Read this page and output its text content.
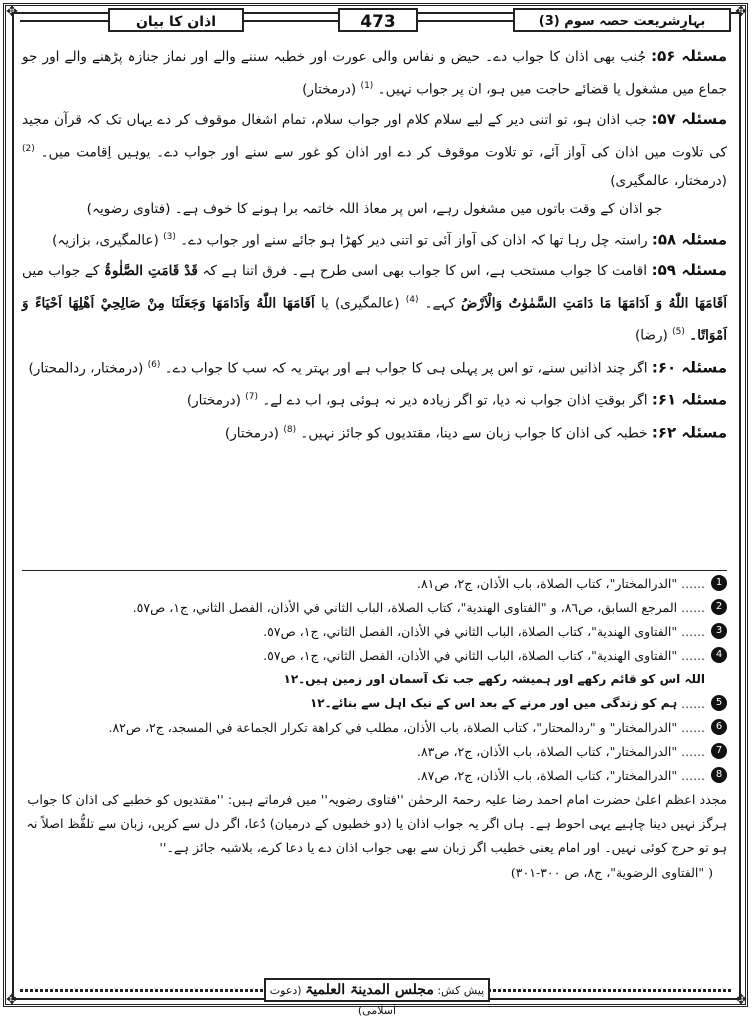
✥	✥
✥	✥
اذان کا بیان	473	بہارِشریعت حصہ سوم (3)

مسئلہ ۵۶: جُنب بھی اذان کا جواب دے۔ حیض و نفاس والی عورت اور خطبہ سننے والے اور نماز جنازہ پڑھنے والے اور جو جماع میں مشغول یا قضائے حاجت میں ہو، ان پر جواب نہیں۔ $^{(1)}$ (درمختار)

مسئلہ ۵۷: جب اذان ہو، تو اتنی دیر کے لیے سلام کلام اور جواب سلام، تمام اشغال موقوف کر دے یہاں تک کہ قرآن مجید کی تلاوت میں اذان کی آواز آئے، تو تلاوت موقوف کر دے اور اذان کو غور سے سنے اور جواب دے۔ یوہیں اِقامت میں۔ $^{(2)}$ (درمختار، عالمگیری)

جو اذان کے وقت باتوں میں مشغول رہے، اس پر معاذ اللہ خاتمہ برا ہونے کا خوف ہے۔ (فتاوی رضویہ)

مسئلہ ۵۸: راستہ چل رہا تھا کہ اذان کی آواز آئی تو اتنی دیر کھڑا ہو جائے سنے اور جواب دے۔ $^{(3)}$ (عالمگیری، بزازیہ)

مسئلہ ۵۹: اقامت کا جواب مستحب ہے، اس کا جواب بھی اسی طرح ہے۔ فرق اتنا ہے کہ قَدْ قَامَتِ الصَّلٰوۃُ کے جواب میں اَقَامَهَا اللّٰهُ وَ اَدَامَهَا مَا دَامَتِ السَّمٰوٰتُ وَالْاَرْضُ کہے۔ $^{(4)}$ (عالمگیری) یا اَقَامَهَا اللّٰهُ وَاَدَامَهَا وَجَعَلَنَا مِنْ صَالِحِيْ اَهْلِهَا اَحْيَاءً وَ اَمْوَاتًا۔ $^{(5)}$ (رضا)

مسئلہ ۶۰: اگر چند اذانیں سنے، تو اس پر پہلی ہی کا جواب ہے اور بہتر یہ کہ سب کا جواب دے۔ $^{(6)}$ (درمختار، ردالمحتار)

مسئلہ ۶۱: اگر بوقتِ اذان جواب نہ دیا، تو اگر زیادہ دیر نہ ہوئی ہو، اب دے لے۔ $^{(7)}$ (درمختار)

مسئلہ ۶۲: خطبہ کی اذان کا جواب زبان سے دینا، مقتدیوں کو جائز نہیں۔ $^{(8)}$ (درمختار)

1
......
"الدرالمختار"، كتاب الصلاة، باب الأذان، ج٢، ص٨١.
2
......
المرجع السابق، ص٨٦، و "الفتاوى الهندية"، كتاب الصلاة، الباب الثاني في الأذان، الفصل الثاني، ج١، ص٥٧.
3
......
"الفتاوى الهندية"، كتاب الصلاة، الباب الثاني في الأذان، الفصل الثاني، ج١، ص٥٧.
4
......
"الفتاوى الهندية"، كتاب الصلاة، الباب الثاني في الأذان، الفصل الثاني، ج١، ص٥٧.
اللہ اس کو قائم رکھے اور ہمیشہ رکھے جب تک آسمان اور زمین ہیں۔۱۲
5
......
ہم کو زندگی میں اور مرنے کے بعد اس کے نیک اہل سے بنائے۔۱۲
6
......
"الدرالمختار" و "ردالمحتار"، كتاب الصلاة، باب الأذان، مطلب في كراهة تكرار الجماعة في المسجد، ج٢، ص٨٢.
7
......
"الدرالمختار"، كتاب الصلاة، باب الأذان، ج٢، ص٨٣.
8
......
"الدرالمختار"، كتاب الصلاة، باب الأذان، ج٢، ص٨٧.

مجدد اعظم اعلیٰ حضرت امام احمد رضا علیہ رحمۃ الرحمٰن ''فتاوی رضویہ'' میں فرماتے ہیں: ''مقتدیوں کو خطبے کی اذان کا جواب ہرگز نہیں دینا چاہیے یہی احوط ہے۔ ہاں اگر یہ جواب اذان یا (دو خطبوں کے درمیان) دُعا، اگر دل سے کریں، زبان سے تلفُّظ اصلاً نہ ہو تو حرج کوئی نہیں۔ اور امام یعنی خطیب اگر زبان سے بھی جواب اذان دے یا دعا کرے، بلاشبہ جائز ہے۔''

( "الفتاوى الرضوية"، ج٨، ص ٣٠٠-٣٠١)
پیش کش: مجلس المدینۃ العلمیۃ (دعوت اسلامی)
